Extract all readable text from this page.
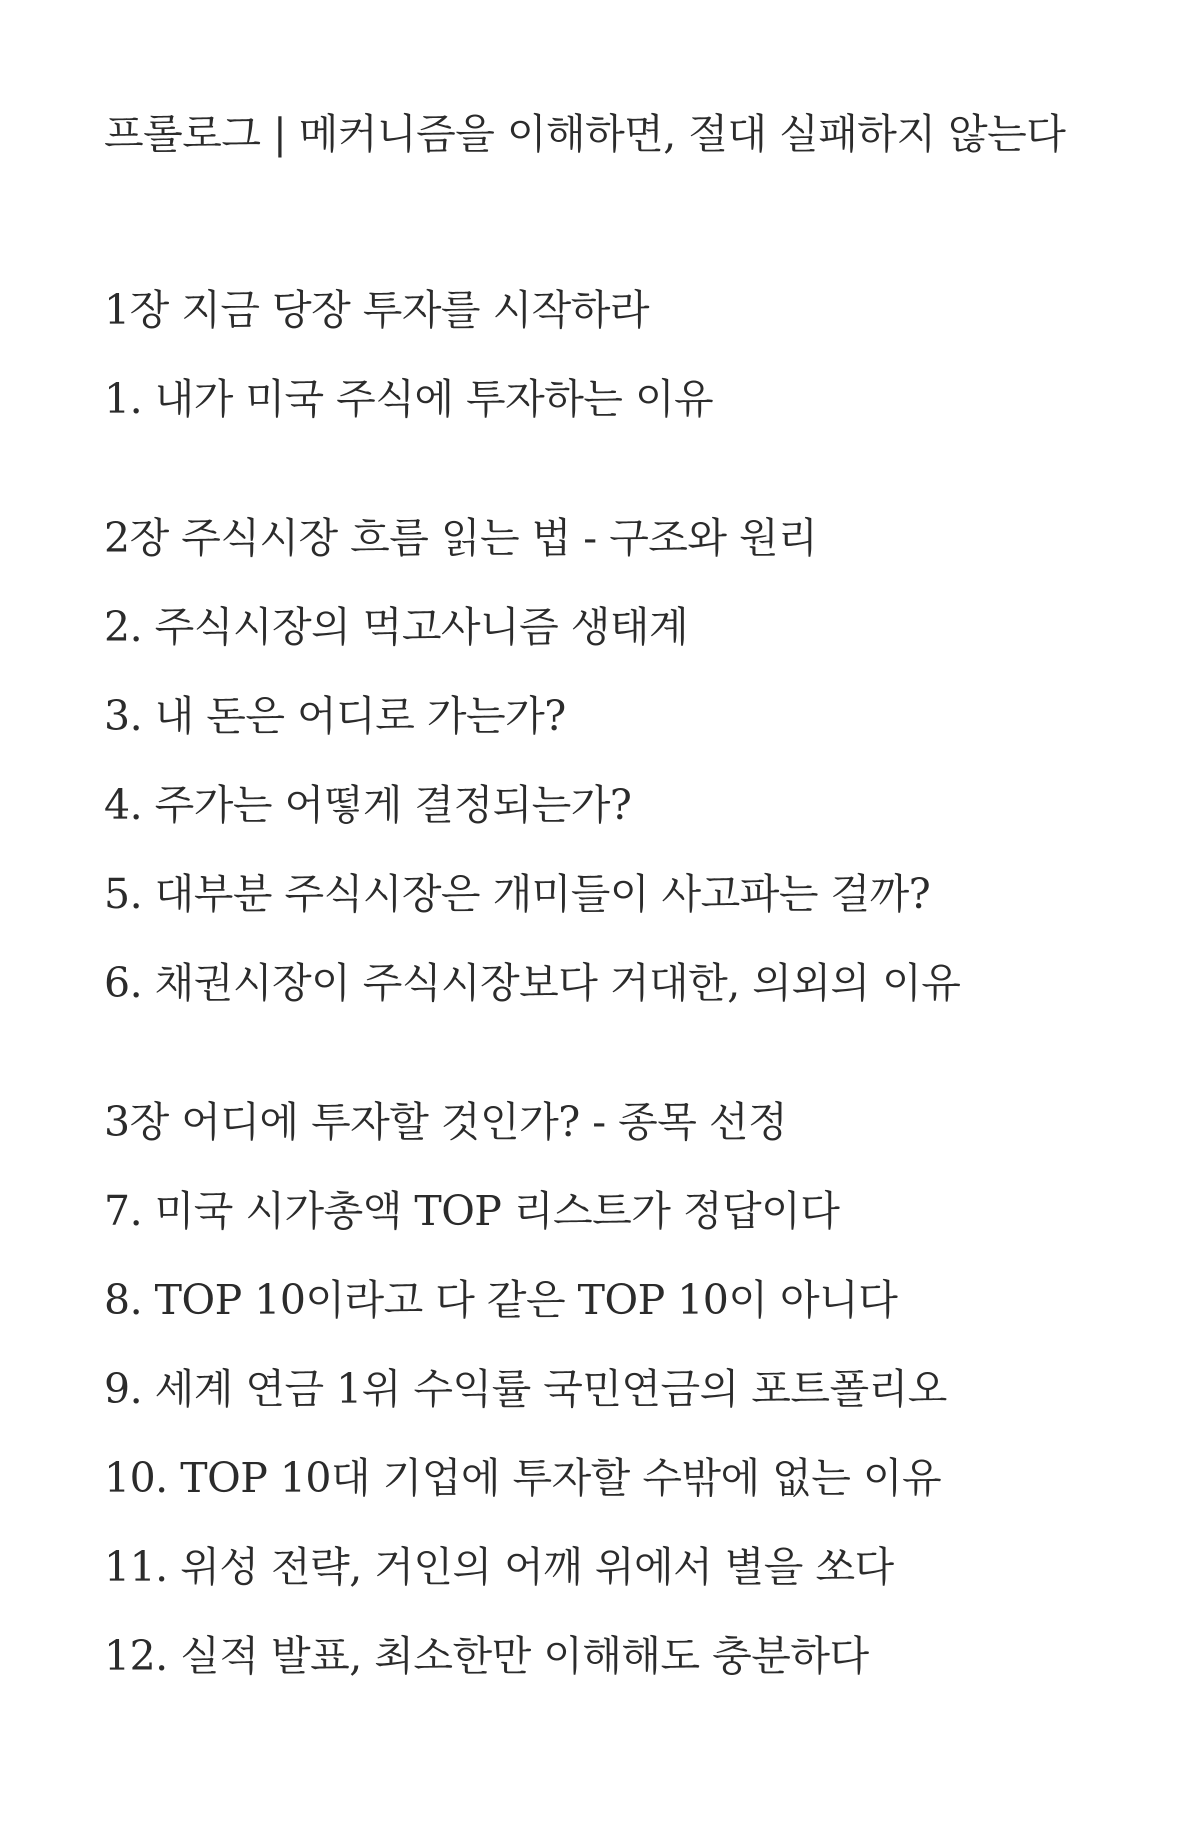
프롤로그 | 메커니즘을 이해하면, 절대 실패하지 않는다
1장 지금 당장 투자를 시작하라
1. 내가 미국 주식에 투자하는 이유
2장 주식시장 흐름 읽는 법 - 구조와 원리
2. 주식시장의 먹고사니즘 생태계
3. 내 돈은 어디로 가는가?
4. 주가는 어떻게 결정되는가?
5. 대부분 주식시장은 개미들이 사고파는 걸까?
6. 채권시장이 주식시장보다 거대한, 의외의 이유
3장 어디에 투자할 것인가? - 종목 선정
7. 미국 시가총액 TOP 리스트가 정답이다
8. TOP 10이라고 다 같은 TOP 10이 아니다
9. 세계 연금 1위 수익률 국민연금의 포트폴리오
10. TOP 10대 기업에 투자할 수밖에 없는 이유
11. 위성 전략, 거인의 어깨 위에서 별을 쏘다
12. 실적 발표, 최소한만 이해해도 충분하다
